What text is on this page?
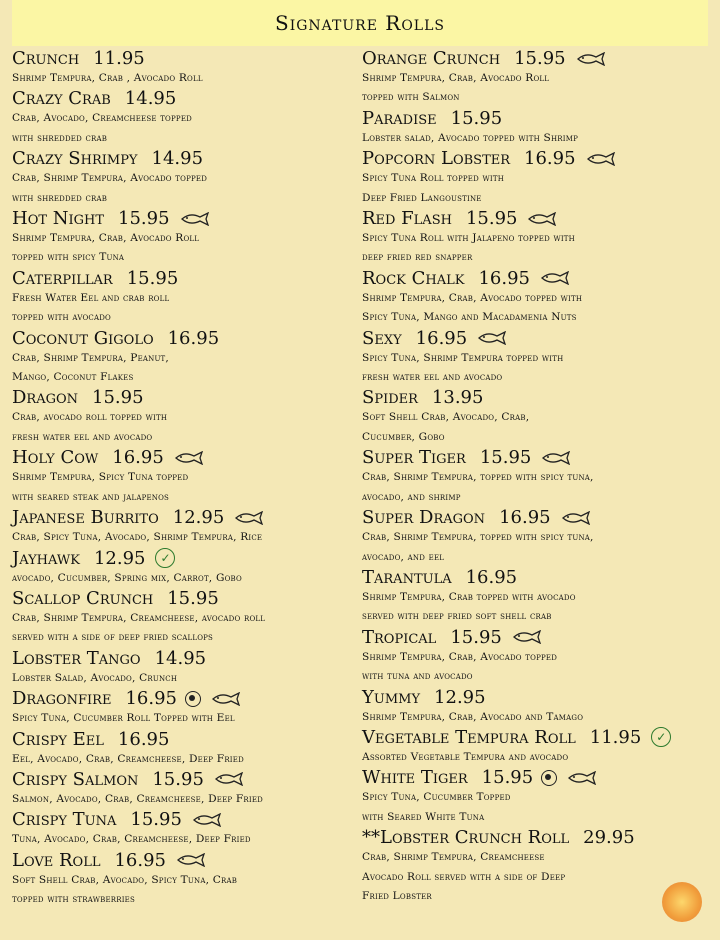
Signature Rolls
Crunch 11.95
Shrimp Tempura, Crab , Avocado Roll
Crazy Crab 14.95
Crab, Avocado, Creamcheese topped
with shredded crab
Crazy Shrimpy 14.95
Crab, Shrimp Tempura, Avocado topped
with shredded crab
Hot Night 15.95
Shrimp Tempura, Crab, Avocado Roll
topped with spicy Tuna
Caterpillar 15.95
Fresh Water Eel and crab roll
topped with avocado
Coconut Gigolo 16.95
Crab, Shrimp Tempura, Peanut,
Mango, Coconut Flakes
Dragon 15.95
Crab, avocado roll topped with
fresh water eel and avocado
Holy Cow 16.95
Shrimp Tempura, Spicy Tuna topped
with seared steak and jalapenos
Japanese Burrito 12.95
Crab, Spicy Tuna, Avocado, Shrimp Tempura, Rice
Jayhawk 12.95	✓
avocado, Cucumber, Spring mix, Carrot, Gobo
Scallop Crunch 15.95
Crab, Shrimp Tempura, Creamcheese, avocado roll
served with a side of deep fried scallops
Lobster Tango 14.95
Lobster Salad, Avocado, Crunch
Dragonfire 16.95
Spicy Tuna, Cucumber Roll Topped with Eel
Crispy Eel 16.95
Eel, Avocado, Crab, Creamcheese, Deep Fried
Crispy Salmon 15.95
Salmon, Avocado, Crab, Creamcheese, Deep Fried
Crispy Tuna 15.95
Tuna, Avocado, Crab, Creamcheese, Deep Fried
Love Roll 16.95
Soft Shell Crab, Avocado, Spicy Tuna, Crab
topped with strawberries
Orange Crunch 15.95
Shrimp Tempura, Crab, Avocado Roll
topped with Salmon
Paradise 15.95
Lobster salad, Avocado topped with Shrimp
Popcorn Lobster 16.95
Spicy Tuna Roll topped with
Deep Fried Langoustine
Red Flash 15.95
Spicy Tuna Roll with Jalapeno topped with
deep fried red snapper
Rock Chalk 16.95
Shrimp Tempura, Crab, Avocado topped with
Spicy Tuna, Mango and Macadamenia Nuts
Sexy 16.95
Spicy Tuna, Shrimp Tempura topped with
fresh water eel and avocado
Spider 13.95
Soft Shell Crab, Avocado, Crab,
Cucumber, Gobo
Super Tiger 15.95
Crab, Shrimp Tempura, topped with spicy tuna,
avocado, and shrimp
Super Dragon 16.95
Crab, Shrimp Tempura, topped with spicy tuna,
avocado, and eel
Tarantula 16.95
Shrimp Tempura, Crab topped with avocado
served with deep fried soft shell crab
Tropical 15.95
Shrimp Tempura, Crab, Avocado topped
with tuna and avocado
Yummy 12.95
Shrimp Tempura, Crab, Avocado and Tamago
Vegetable Tempura Roll 11.95	✓
Assorted Vegetable Tempura and avocado
White Tiger 15.95
Spicy Tuna, Cucumber Topped
with Seared White Tuna
**Lobster Crunch Roll 29.95
Crab, Shrimp Tempura, Creamcheese
Avocado Roll served with a side of Deep
Fried Lobster
